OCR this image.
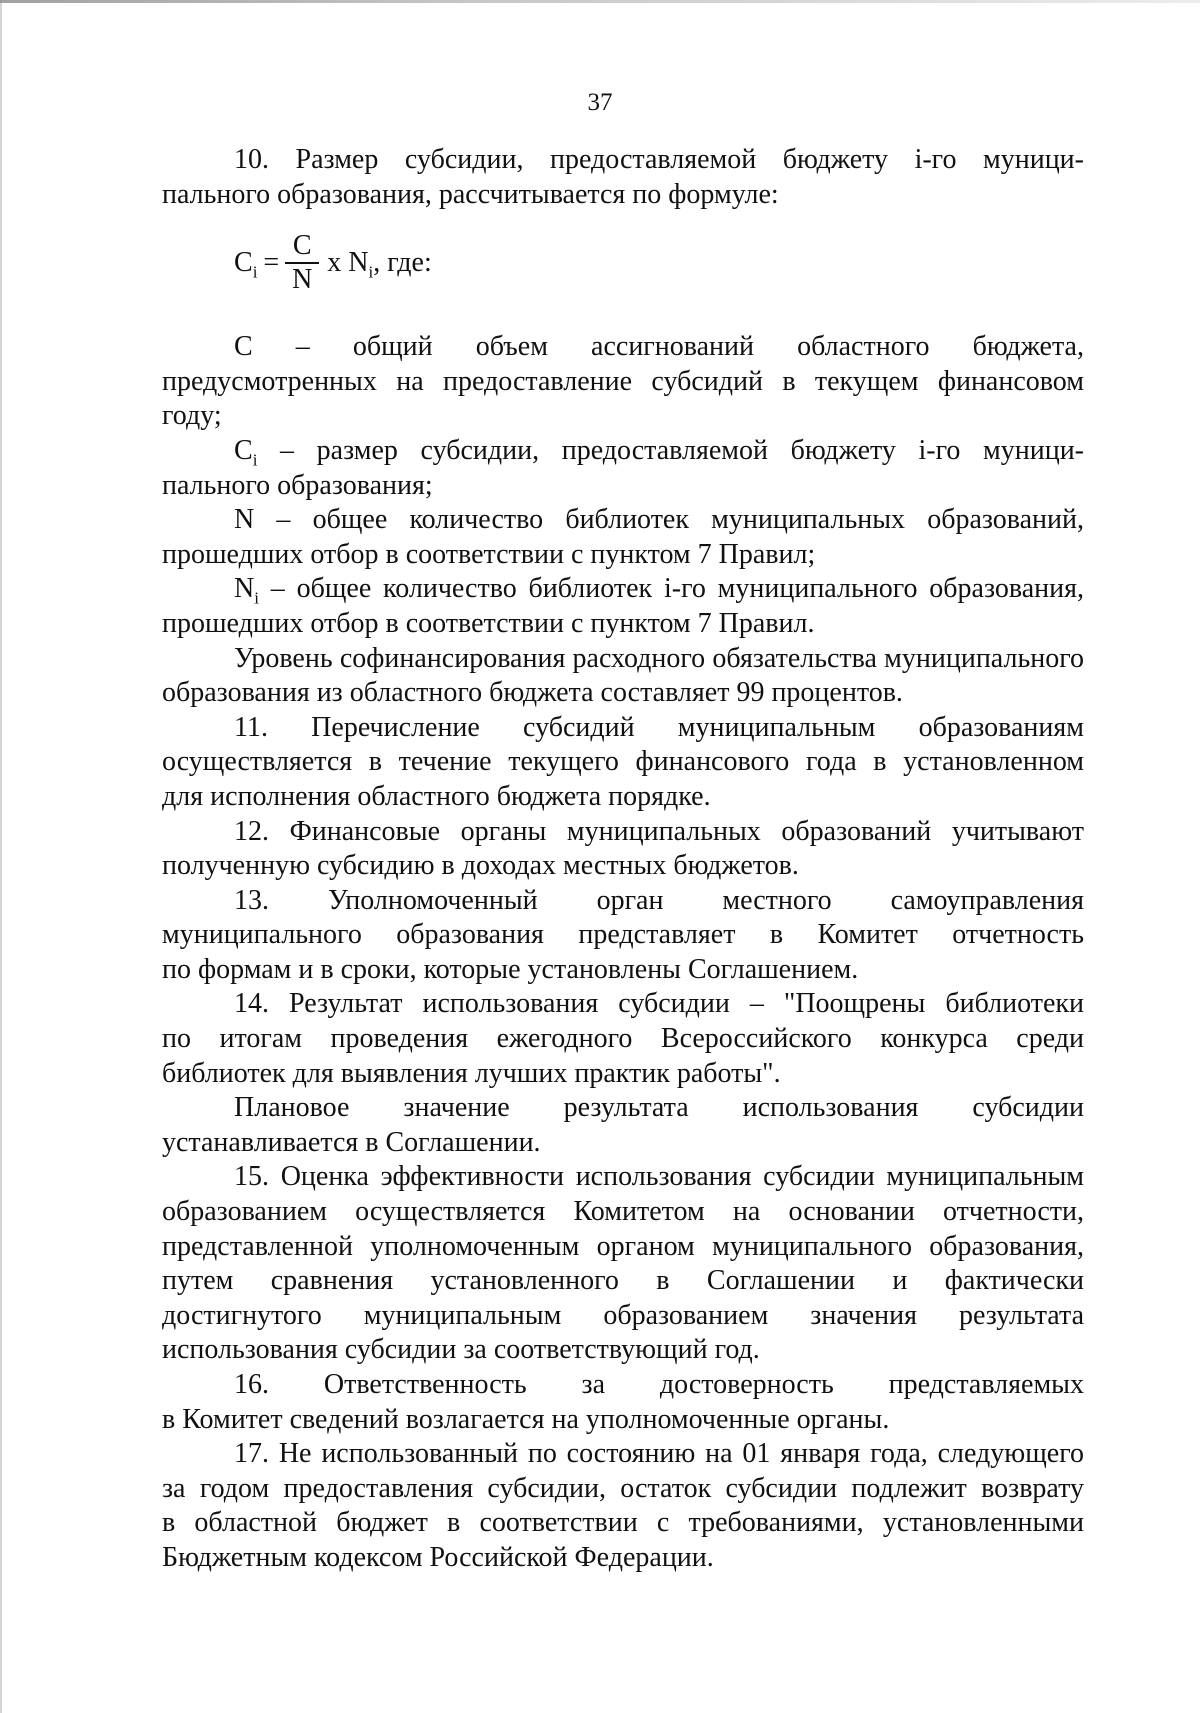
37

10. Размер субсидии, предоставляемой бюджету i-го муници-

пального образования, рассчитывается по формуле:

$C_i = \frac{C}{N}$ x $N_i$ , где:

C – общий объем ассигнований областного бюджета,

предусмотренных на предоставление субсидий в текущем финансовом

году;

$C_i$ – размер субсидии, предоставляемой бюджету i-го муници-

пального образования;

N – общее количество библиотек муниципальных образований,

прошедших отбор в соответствии с пунктом 7 Правил;

$N_i$ – общее количество библиотек i-го муниципального образования,

прошедших отбор в соответствии с пунктом 7 Правил.

Уровень софинансирования расходного обязательства муниципального

образования из областного бюджета составляет 99 процентов.

11. Перечисление субсидий муниципальным образованиям

осуществляется в течение текущего финансового года в установленном

для исполнения областного бюджета порядке.

12. Финансовые органы муниципальных образований учитывают

полученную субсидию в доходах местных бюджетов.

13. Уполномоченный орган местного самоуправления

муниципального образования представляет в Комитет отчетность

по формам и в сроки, которые установлены Соглашением.

14. Результат использования субсидии – "Поощрены библиотеки

по итогам проведения ежегодного Всероссийского конкурса среди

библиотек для выявления лучших практик работы".

Плановое значение результата использования субсидии

устанавливается в Соглашении.

15. Оценка эффективности использования субсидии муниципальным

образованием осуществляется Комитетом на основании отчетности,

представленной уполномоченным органом муниципального образования,

путем сравнения установленного в Соглашении и фактически

достигнутого муниципальным образованием значения результата

использования субсидии за соответствующий год.

16. Ответственность за достоверность представляемых

в Комитет сведений возлагается на уполномоченные органы.

17. Не использованный по состоянию на 01 января года, следующего

за годом предоставления субсидии, остаток субсидии подлежит возврату

в областной бюджет в соответствии с требованиями, установленными

Бюджетным кодексом Российской Федерации.
